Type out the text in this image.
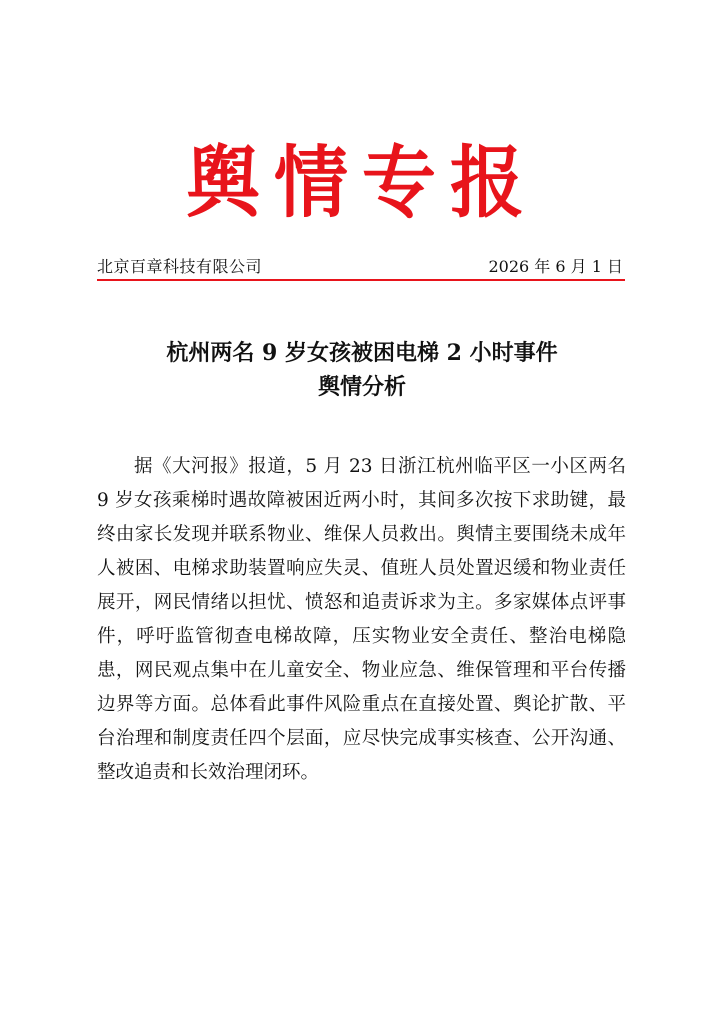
舆情专报
北京百章科技有限公司	2026 年 6 月 1 日
杭州两名 9 岁女孩被困电梯 2 小时事件
舆情分析

据《大河报》报道，5 月 23 日浙江杭州临平区一小区两名 9 岁女孩乘梯时遇故障被困近两小时，其间多次按下求助键，最终由家长发现并联系物业、维保人员救出。舆情主要围绕未成年人被困、电梯求助装置响应失灵、值班人员处置迟缓和物业责任展开，网民情绪以担忧、愤怒和追责诉求为主。多家媒体点评事件，呼吁监管彻查电梯故障，压实物业安全责任、整治电梯隐患，网民观点集中在儿童安全、物业应急、维保管理和平台传播边界等方面。总体看此事件风险重点在直接处置、舆论扩散、平台治理和制度责任四个层面，应尽快完成事实核查、公开沟通、整改追责和长效治理闭环。
